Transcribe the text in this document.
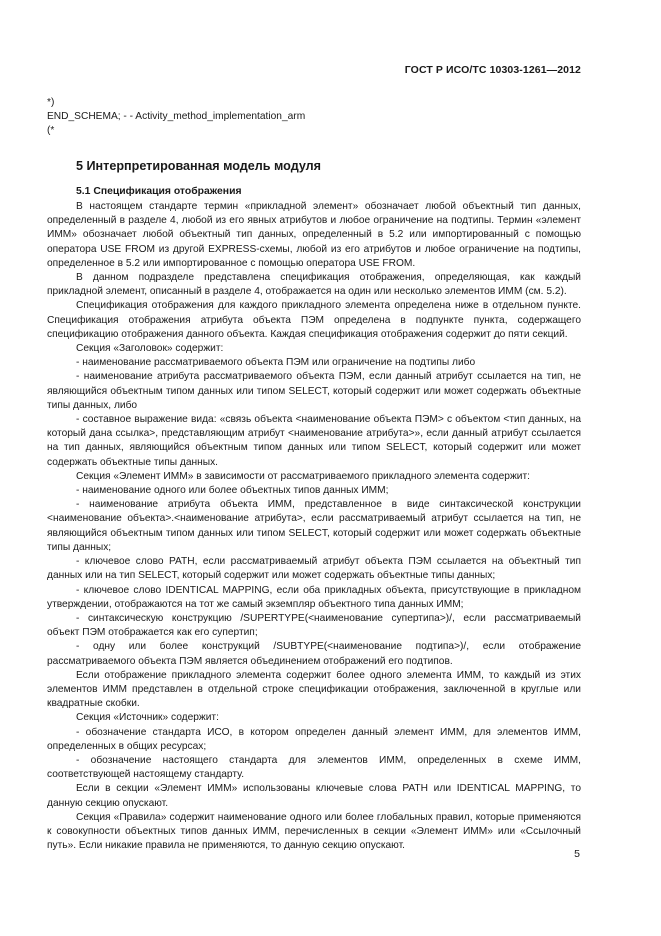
ГОСТ Р ИСО/ТС 10303-1261—2012
*)
END_SCHEMA; - - Activity_method_implementation_arm
(*
5 Интерпретированная модель модуля
5.1 Спецификация отображения

В настоящем стандарте термин «прикладной элемент» обозначает любой объектный тип данных, определенный в разделе 4, любой из его явных атрибутов и любое ограничение на подтипы. Термин «элемент ИММ» обозначает любой объектный тип данных, определенный в 5.2 или импортированный с помощью оператора USE FROM из другой EXPRESS-схемы, любой из его атрибутов и любое ограничение на подтипы, определенное в 5.2 или импортированное с помощью оператора USE FROM.

В данном подразделе представлена спецификация отображения, определяющая, как каждый прикладной элемент, описанный в разделе 4, отображается на один или несколько элементов ИММ (см. 5.2).

Спецификация отображения для каждого прикладного элемента определена ниже в отдельном пункте. Спецификация отображения атрибута объекта ПЭМ определена в подпункте пункта, содержащего спецификацию отображения данного объекта. Каждая спецификация отображения содержит до пяти секций.

Секция «Заголовок» содержит:

- наименование рассматриваемого объекта ПЭМ или ограничение на подтипы либо

- наименование атрибута рассматриваемого объекта ПЭМ, если данный атрибут ссылается на тип, не являющийся объектным типом данных или типом SELECT, который содержит или может содержать объектные типы данных, либо

- составное выражение вида: «связь объекта <наименование объекта ПЭМ> с объектом <тип данных, на который дана ссылка>, представляющим атрибут <наименование атрибута>», если данный атрибут ссылается на тип данных, являющийся объектным типом данных или типом SELECT, который содержит или может содержать объектные типы данных.

Секция «Элемент ИММ» в зависимости от рассматриваемого прикладного элемента содержит:

- наименование одного или более объектных типов данных ИММ;

- наименование атрибута объекта ИММ, представленное в виде синтаксической конструкции <наименование объекта>.<наименование атрибута>, если рассматриваемый атрибут ссылается на тип, не являющийся объектным типом данных или типом SELECT, который содержит или может содержать объектные типы данных;

- ключевое слово PATH, если рассматриваемый атрибут объекта ПЭМ ссылается на объектный тип данных или на тип SELECT, который содержит или может содержать объектные типы данных;

- ключевое слово IDENTICAL MAPPING, если оба прикладных объекта, присутствующие в прикладном утверждении, отображаются на тот же самый экземпляр объектного типа данных ИММ;

- синтаксическую конструкцию /SUPERTYPE(<наименование супертипа>)/, если рассматриваемый объект ПЭМ отображается как его супертип;

- одну или более конструкций /SUBTYPE(<наименование подтипа>)/, если отображение рассматриваемого объекта ПЭМ является объединением отображений его подтипов.

Если отображение прикладного элемента содержит более одного элемента ИММ, то каждый из этих элементов ИММ представлен в отдельной строке спецификации отображения, заключенной в круглые или квадратные скобки.

Секция «Источник» содержит:

- обозначение стандарта ИСО, в котором определен данный элемент ИММ, для элементов ИММ, определенных в общих ресурсах;

- обозначение настоящего стандарта для элементов ИММ, определенных в схеме ИММ, соответствующей настоящему стандарту.

Если в секции «Элемент ИММ» использованы ключевые слова PATH или IDENTICAL MAPPING, то данную секцию опускают.

Секция «Правила» содержит наименование одного или более глобальных правил, которые применяются к совокупности объектных типов данных ИММ, перечисленных в секции «Элемент ИММ» или «Ссылочный путь». Если никакие правила не применяются, то данную секцию опускают.

5
